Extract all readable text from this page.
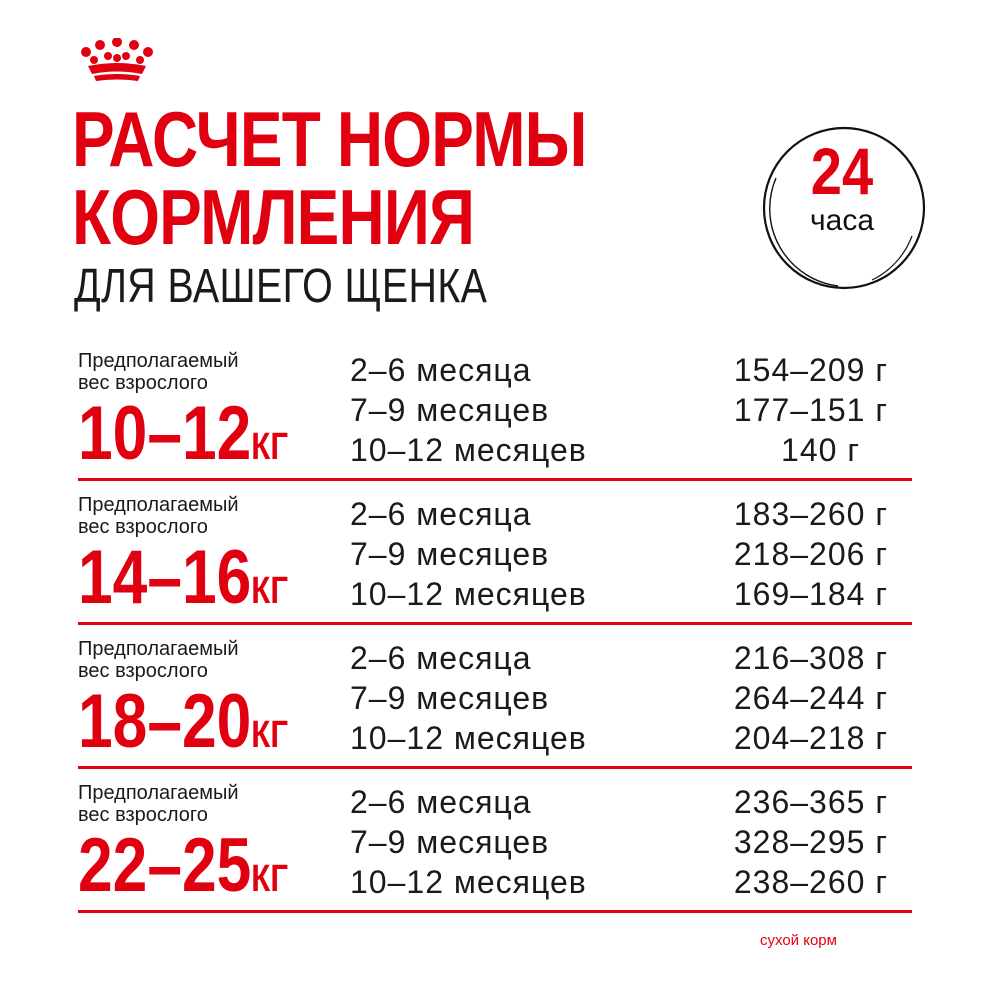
РАСЧЕТ НОРМЫ
КОРМЛЕНИЯ
ДЛЯ ВАШЕГО ЩЕНКА
24
часа
Предполагаемый
вес взрослого
10–12КГ
2–6 месяца	154–209 г
7–9 месяцев	177–151 г
10–12 месяцев	140 г
Предполагаемый
вес взрослого
14–16КГ
2–6 месяца	183–260 г
7–9 месяцев	218–206 г
10–12 месяцев	169–184 г
Предполагаемый
вес взрослого
18–20КГ
2–6 месяца	216–308 г
7–9 месяцев	264–244 г
10–12 месяцев	204–218 г
Предполагаемый
вес взрослого
22–25КГ
2–6 месяца	236–365 г
7–9 месяцев	328–295 г
10–12 месяцев	238–260 г
сухой корм
